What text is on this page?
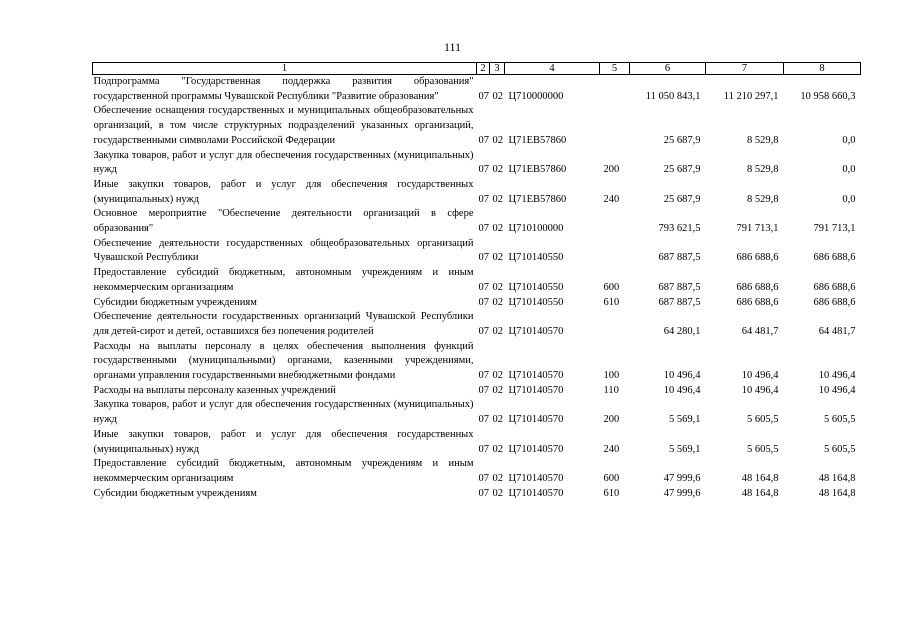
111
1	2	3	4	5	6	7	8
Подпрограмма "Государственная поддержка развития образования" государственной программы Чувашской Республики "Развитие образования"	07	02	Ц710000000		11 050 843,1	11 210 297,1	10 958 660,3
Обеспечение оснащения государственных и муниципальных общеобразовательных организаций, в том числе структурных подразделений указанных организаций, государственными символами Российской Федерации	07	02	Ц71EВ57860		25 687,9	8 529,8	0,0
Закупка товаров, работ и услуг для обеспечения государственных (муниципальных) нужд	07	02	Ц71EВ57860	200	25 687,9	8 529,8	0,0
Иные закупки товаров, работ и услуг для обеспечения государственных (муниципальных) нужд	07	02	Ц71EВ57860	240	25 687,9	8 529,8	0,0
Основное мероприятие "Обеспечение деятельности организаций в сфере образования"	07	02	Ц710100000		793 621,5	791 713,1	791 713,1
Обеспечение деятельности государственных общеобразовательных организаций Чувашской Республики	07	02	Ц710140550		687 887,5	686 688,6	686 688,6
Предоставление субсидий бюджетным, автономным учреждениям и иным некоммерческим организациям	07	02	Ц710140550	600	687 887,5	686 688,6	686 688,6
Субсидии бюджетным учреждениям	07	02	Ц710140550	610	687 887,5	686 688,6	686 688,6
Обеспечение деятельности государственных организаций Чувашской Республики для детей-сирот и детей, оставшихся без попечения родителей	07	02	Ц710140570		64 280,1	64 481,7	64 481,7
Расходы на выплаты персоналу в целях обеспечения выполнения функций государственными (муниципальными) органами, казенными учреждениями, органами управления государственными внебюджетными фондами	07	02	Ц710140570	100	10 496,4	10 496,4	10 496,4
Расходы на выплаты персоналу казенных учреждений	07	02	Ц710140570	110	10 496,4	10 496,4	10 496,4
Закупка товаров, работ и услуг для обеспечения государственных (муниципальных) нужд	07	02	Ц710140570	200	5 569,1	5 605,5	5 605,5
Иные закупки товаров, работ и услуг для обеспечения государственных (муниципальных) нужд	07	02	Ц710140570	240	5 569,1	5 605,5	5 605,5
Предоставление субсидий бюджетным, автономным учреждениям и иным некоммерческим организациям	07	02	Ц710140570	600	47 999,6	48 164,8	48 164,8
Субсидии бюджетным учреждениям	07	02	Ц710140570	610	47 999,6	48 164,8	48 164,8
